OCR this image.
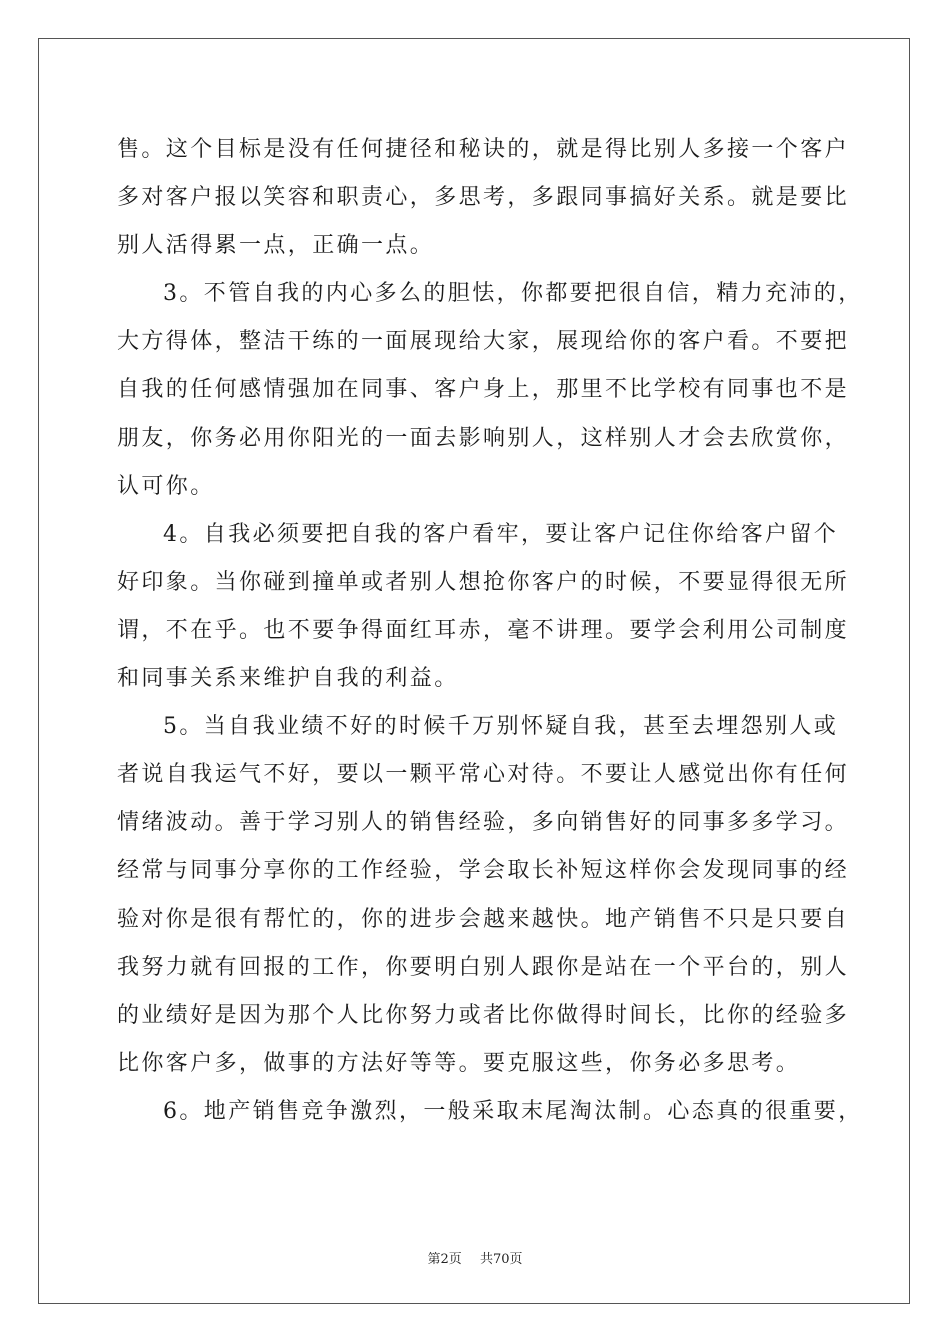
售。这个目标是没有任何捷径和秘诀的，就是得比别人多接一个客户
多对客户报以笑容和职责心，多思考，多跟同事搞好关系。就是要比
别人活得累一点，正确一点。
3。不管自我的内心多么的胆怯，你都要把很自信，精力充沛的，
大方得体，整洁干练的一面展现给大家，展现给你的客户看。不要把
自我的任何感情强加在同事、客户身上，那里不比学校有同事也不是
朋友，你务必用你阳光的一面去影响别人，这样别人才会去欣赏你，
认可你。
4。自我必须要把自我的客户看牢，要让客户记住你给客户留个
好印象。当你碰到撞单或者别人想抢你客户的时候，不要显得很无所
谓，不在乎。也不要争得面红耳赤，毫不讲理。要学会利用公司制度
和同事关系来维护自我的利益。
5。当自我业绩不好的时候千万别怀疑自我，甚至去埋怨别人或
者说自我运气不好，要以一颗平常心对待。不要让人感觉出你有任何
情绪波动。善于学习别人的销售经验，多向销售好的同事多多学习。
经常与同事分享你的工作经验，学会取长补短这样你会发现同事的经
验对你是很有帮忙的，你的进步会越来越快。地产销售不只是只要自
我努力就有回报的工作，你要明白别人跟你是站在一个平台的，别人
的业绩好是因为那个人比你努力或者比你做得时间长，比你的经验多
比你客户多，做事的方法好等等。要克服这些，你务必多思考。
6。地产销售竞争激烈，一般采取末尾淘汰制。心态真的很重要，
第2页 共70页
